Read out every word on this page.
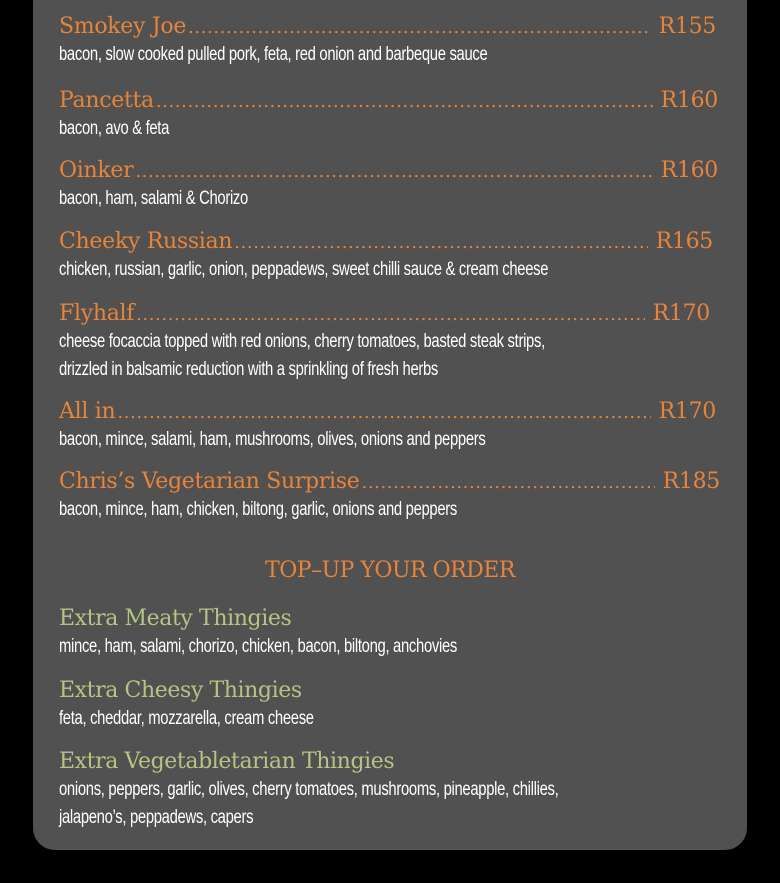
Smokey Joe .....	R155
bacon, slow cooked pulled pork, feta, red onion and barbeque sauce
Pancetta .....	R160
bacon, avo & feta
Oinker .....	R160
bacon, ham, salami & Chorizo
Cheeky Russian .....	R165
chicken, russian, garlic, onion, peppadews, sweet chilli sauce & cream cheese
Flyhalf .....	R170
cheese focaccia topped with red onions, cherry tomatoes, basted steak strips,
drizzled in balsamic reduction with a sprinkling of fresh herbs
All in .....	R170
bacon, mince, salami, ham, mushrooms, olives, onions and peppers
Chris’s Vegetarian Surprise .....	R185
bacon, mince, ham, chicken, biltong, garlic, onions and peppers
TOP–UP YOUR ORDER
Extra Meaty Thingies
mince, ham, salami, chorizo, chicken, bacon, biltong, anchovies
Extra Cheesy Thingies
feta, cheddar, mozzarella, cream cheese
Extra Vegetabletarian Thingies
onions, peppers, garlic, olives, cherry tomatoes, mushrooms, pineapple, chillies,
jalapeno’s, peppadews, capers
